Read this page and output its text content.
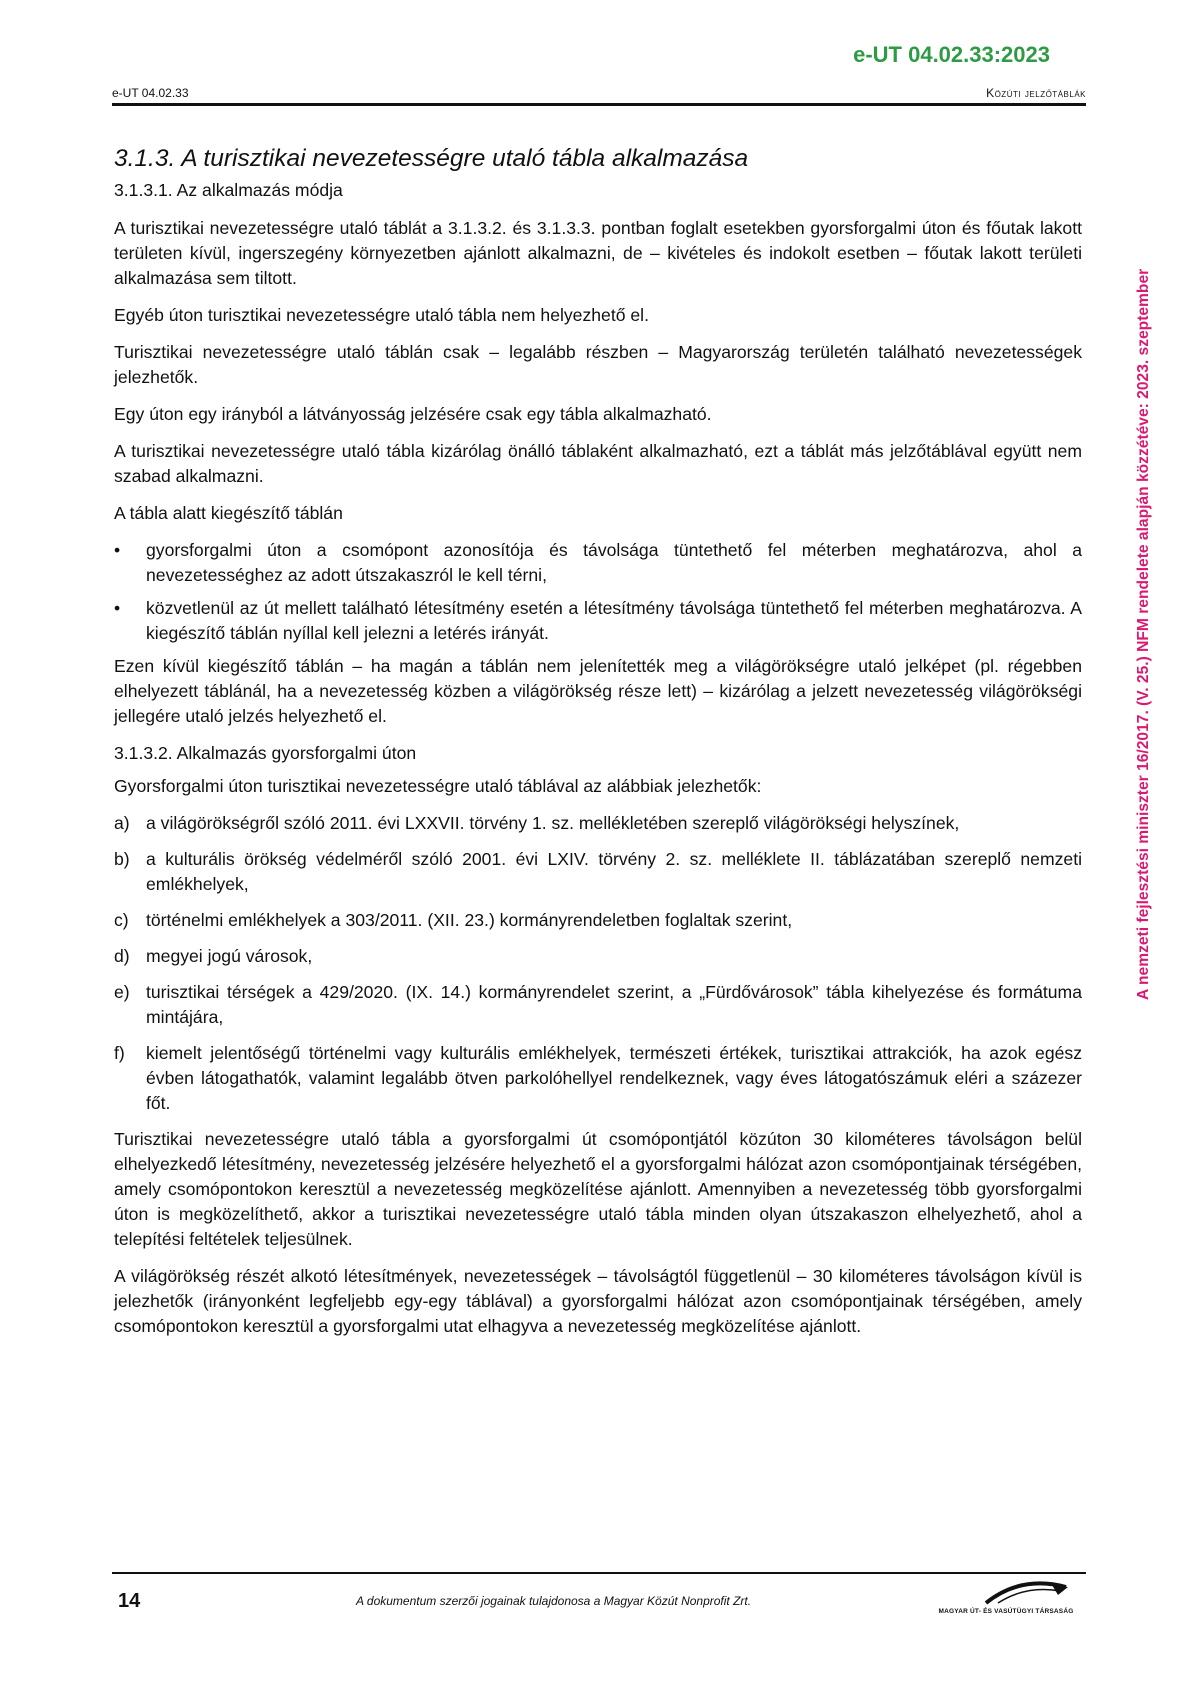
e-UT 04.02.33:2023
e-UT 04.02.33	Közúti jelzőtáblák
A nemzeti fejlesztési miniszter 16/2017. (V. 25.) NFM rendelete alapján közzétéve: 2023. szeptember
3.1.3. A turisztikai nevezetességre utaló tábla alkalmazása
3.1.3.1. Az alkalmazás módja

A turisztikai nevezetességre utaló táblát a 3.1.3.2. és 3.1.3.3. pontban foglalt esetekben gyorsforgalmi úton és főutak lakott területen kívül, ingerszegény környezetben ajánlott alkalmazni, de – kivételes és indokolt esetben – főutak lakott területi alkalmazása sem tiltott.

Egyéb úton turisztikai nevezetességre utaló tábla nem helyezhető el.

Turisztikai nevezetességre utaló táblán csak – legalább részben – Magyarország területén található nevezetességek jelezhetők.

Egy úton egy irányból a látványosság jelzésére csak egy tábla alkalmazható.

A turisztikai nevezetességre utaló tábla kizárólag önálló táblaként alkalmazható, ezt a táblát más jelzőtáblával együtt nem szabad alkalmazni.

A tábla alatt kiegészítő táblán

• gyorsforgalmi úton a csomópont azonosítója és távolsága tüntethető fel méterben meghatározva, ahol a nevezetességhez az adott útszakaszról le kell térni,
• közvetlenül az út mellett található létesítmény esetén a létesítmény távolsága tüntethető fel méterben meghatározva. A kiegészítő táblán nyíllal kell jelezni a letérés irányát.

Ezen kívül kiegészítő táblán – ha magán a táblán nem jelenítették meg a világörökségre utaló jelképet (pl. régebben elhelyezett táblánál, ha a nevezetesség közben a világörökség része lett) – kizárólag a jelzett nevezetesség világörökségi jellegére utaló jelzés helyezhető el.

3.1.3.2. Alkalmazás gyorsforgalmi úton

Gyorsforgalmi úton turisztikai nevezetességre utaló táblával az alábbiak jelezhetők:

a) a világörökségről szóló 2011. évi LXXVII. törvény 1. sz. mellékletében szereplő világörökségi helyszínek,
b) a kulturális örökség védelméről szóló 2001. évi LXIV. törvény 2. sz. melléklete II. táblázatában szereplő nemzeti emlékhelyek,
c) történelmi emlékhelyek a 303/2011. (XII. 23.) kormányrendeletben foglaltak szerint,
d) megyei jogú városok,
e) turisztikai térségek a 429/2020. (IX. 14.) kormányrendelet szerint, a „Fürdővárosok” tábla kihelyezése és formátuma mintájára,
f) kiemelt jelentőségű történelmi vagy kulturális emlékhelyek, természeti értékek, turisztikai attrakciók, ha azok egész évben látogathatók, valamint legalább ötven parkolóhellyel rendelkeznek, vagy éves látogatószámuk eléri a százezer főt.

Turisztikai nevezetességre utaló tábla a gyorsforgalmi út csomópontjától közúton 30 kilométeres távolságon belül elhelyezkedő létesítmény, nevezetesség jelzésére helyezhető el a gyorsforgalmi hálózat azon csomópontjainak térségében, amely csomópontokon keresztül a nevezetesség megközelítése ajánlott. Amennyiben a nevezetesség több gyorsforgalmi úton is megközelíthető, akkor a turisztikai nevezetességre utaló tábla minden olyan útszakaszon elhelyezhető, ahol a telepítési feltételek teljesülnek.

A világörökség részét alkotó létesítmények, nevezetességek – távolságtól függetlenül – 30 kilométeres távolságon kívül is jelezhetők (irányonként legfeljebb egy-egy táblával) a gyorsforgalmi hálózat azon csomópontjainak térségében, amely csomópontokon keresztül a gyorsforgalmi utat elhagyva a nevezetesség megközelítése ajánlott.

14	A dokumentum szerzői jogainak tulajdonosa a Magyar Közút Nonprofit Zrt.
MAGYAR ÚT- ÉS VASÚTÜGYI TÁRSASÁG
